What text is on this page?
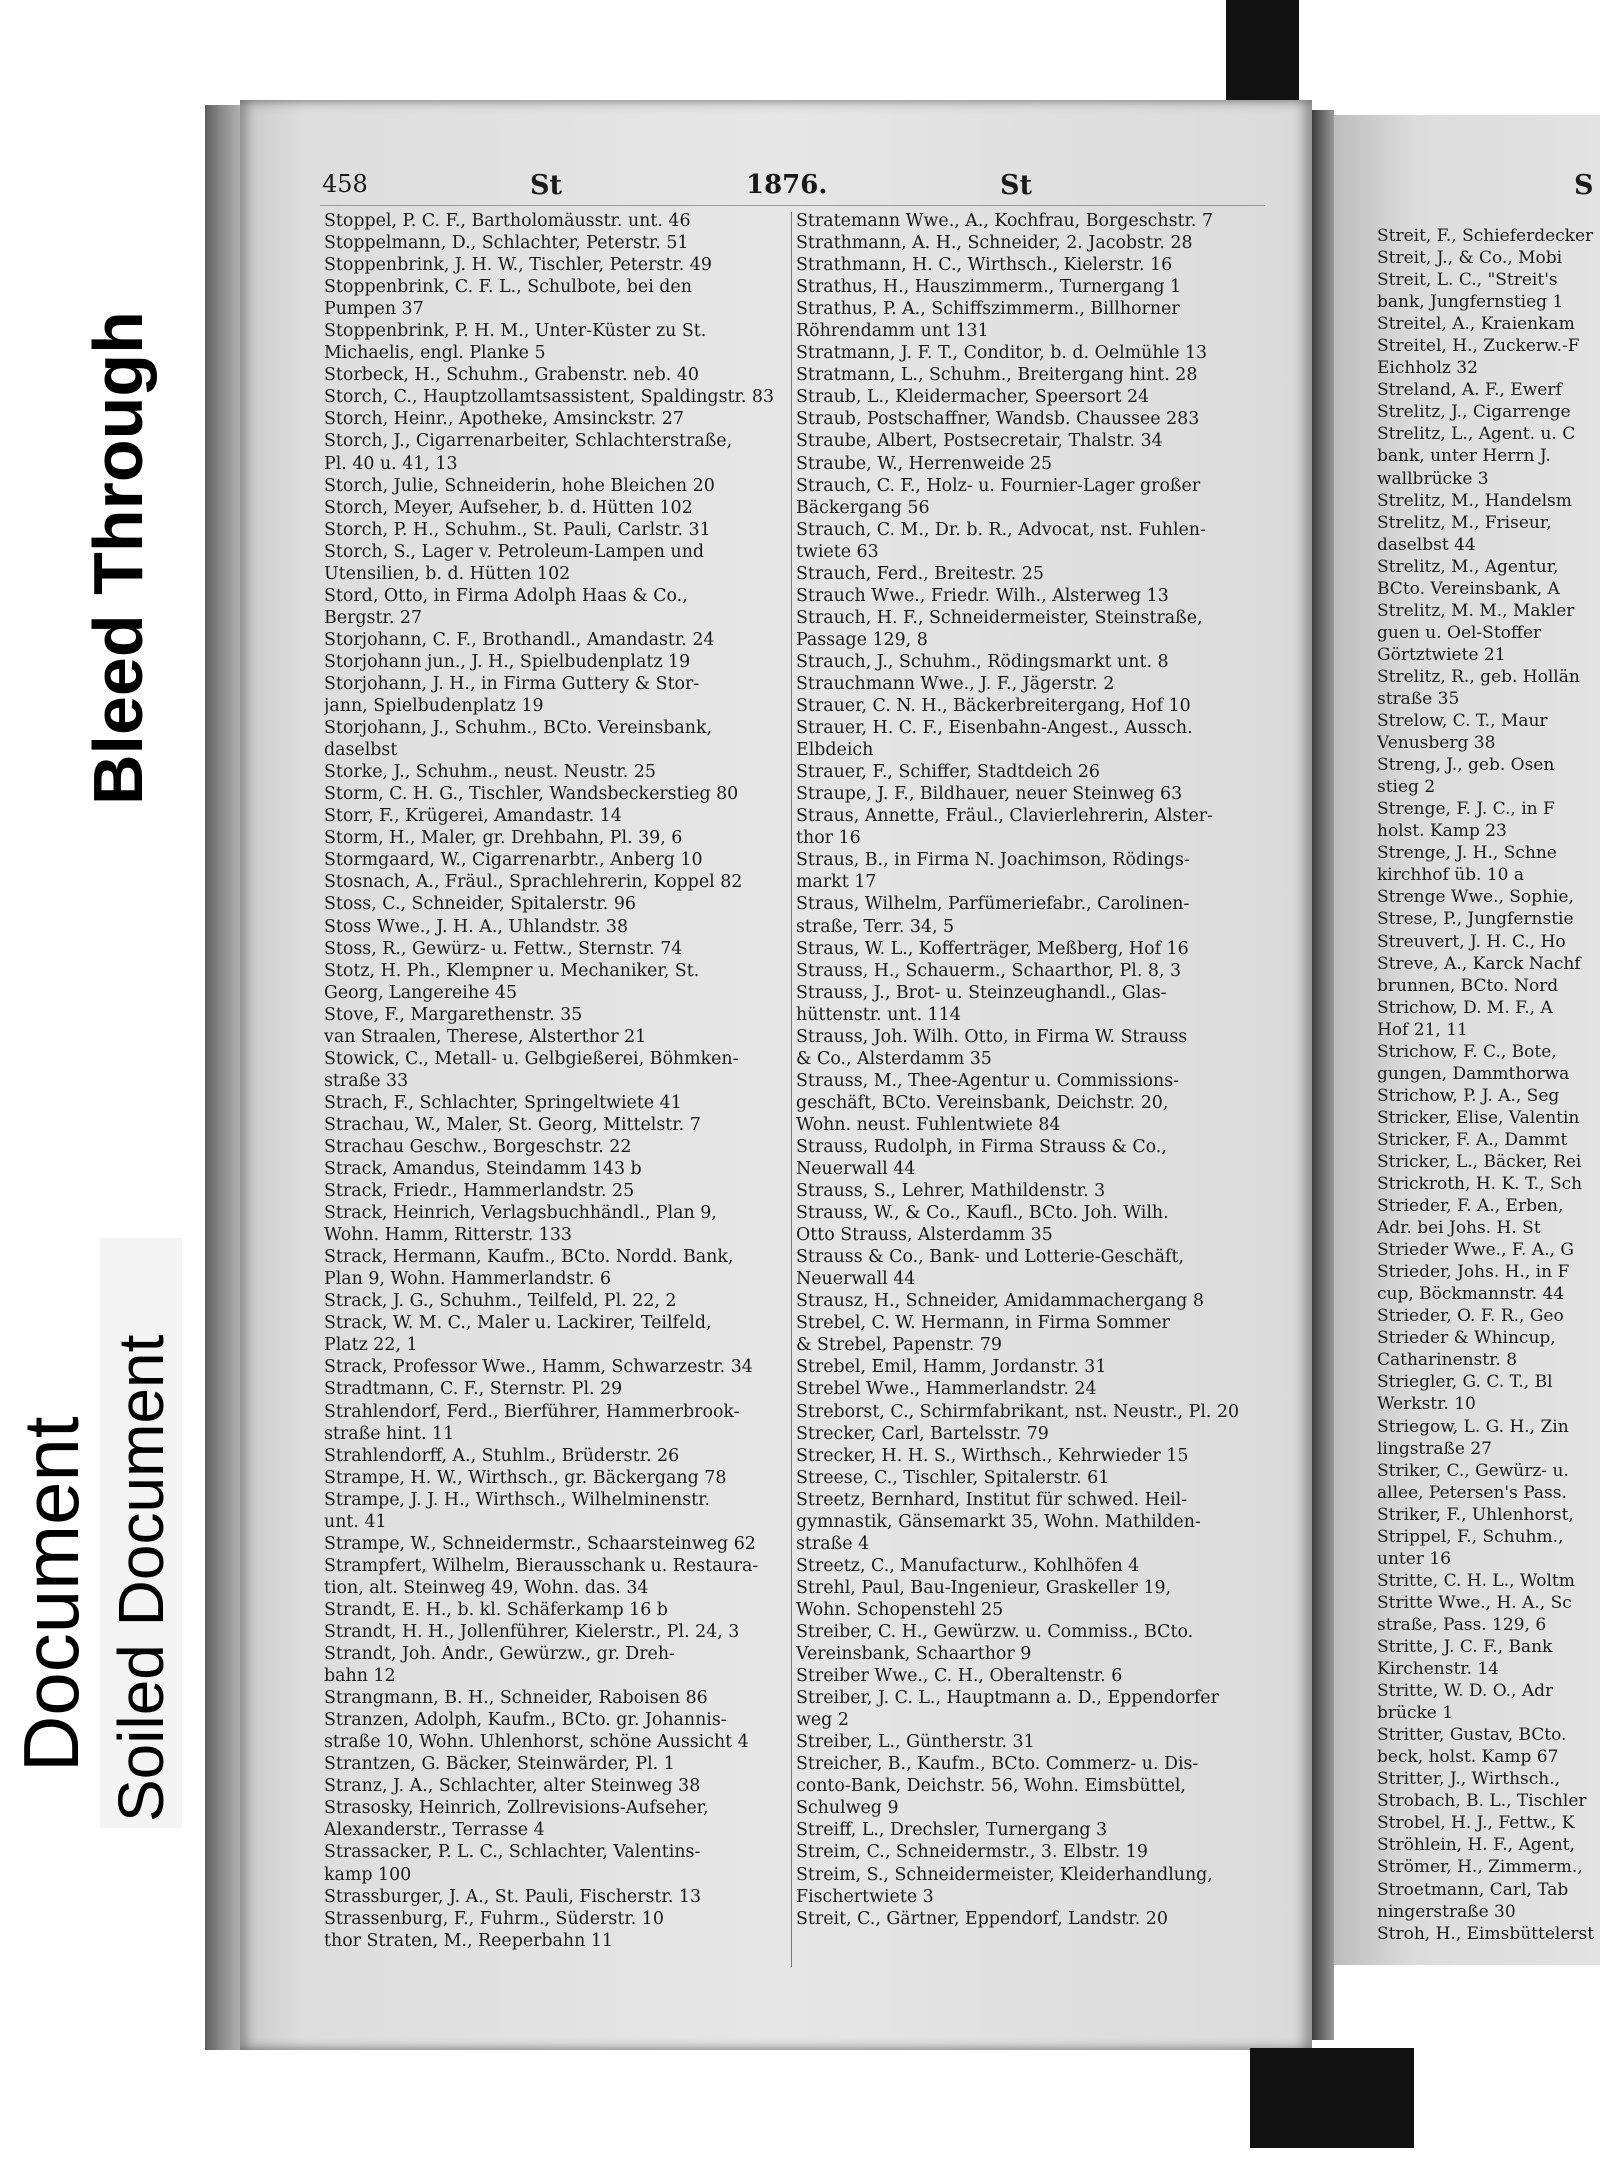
458	St	1876.	St	S
Stoppel, P. C. F., Bartholomäusstr. unt. 46
Stoppelmann, D., Schlachter, Peterstr. 51
Stoppenbrink, J. H. W., Tischler, Peterstr. 49
Stoppenbrink, C. F. L., Schulbote, bei den
Pumpen 37
Stoppenbrink, P. H. M., Unter-Küster zu St.
Michaelis, engl. Planke 5
Storbeck, H., Schuhm., Grabenstr. neb. 40
Storch, C., Hauptzollamtsassistent, Spaldingstr. 83
Storch, Heinr., Apotheke, Amsinckstr. 27
Storch, J., Cigarrenarbeiter, Schlachterstraße,
Pl. 40 u. 41, 13
Storch, Julie, Schneiderin, hohe Bleichen 20
Storch, Meyer, Aufseher, b. d. Hütten 102
Storch, P. H., Schuhm., St. Pauli, Carlstr. 31
Storch, S., Lager v. Petroleum-Lampen und
Utensilien, b. d. Hütten 102
Stord, Otto, in Firma Adolph Haas & Co.,
Bergstr. 27
Storjohann, C. F., Brothandl., Amandastr. 24
Storjohann jun., J. H., Spielbudenplatz 19
Storjohann, J. H., in Firma Guttery & Stor-
jann, Spielbudenplatz 19
Storjohann, J., Schuhm., BCto. Vereinsbank,
daselbst
Storke, J., Schuhm., neust. Neustr. 25
Storm, C. H. G., Tischler, Wandsbeckerstieg 80
Storr, F., Krügerei, Amandastr. 14
Storm, H., Maler, gr. Drehbahn, Pl. 39, 6
Stormgaard, W., Cigarrenarbtr., Anberg 10
Stosnach, A., Fräul., Sprachlehrerin, Koppel 82
Stoss, C., Schneider, Spitalerstr. 96
Stoss Wwe., J. H. A., Uhlandstr. 38
Stoss, R., Gewürz- u. Fettw., Sternstr. 74
Stotz, H. Ph., Klempner u. Mechaniker, St.
Georg, Langereihe 45
Stove, F., Margarethenstr. 35
van Straalen, Therese, Alsterthor 21
Stowick, C., Metall- u. Gelbgießerei, Böhmken-
straße 33
Strach, F., Schlachter, Springeltwiete 41
Strachau, W., Maler, St. Georg, Mittelstr. 7
Strachau Geschw., Borgeschstr. 22
Strack, Amandus, Steindamm 143 b
Strack, Friedr., Hammerlandstr. 25
Strack, Heinrich, Verlagsbuchhändl., Plan 9,
Wohn. Hamm, Ritterstr. 133
Strack, Hermann, Kaufm., BCto. Nordd. Bank,
Plan 9, Wohn. Hammerlandstr. 6
Strack, J. G., Schuhm., Teilfeld, Pl. 22, 2
Strack, W. M. C., Maler u. Lackirer, Teilfeld,
Platz 22, 1
Strack, Professor Wwe., Hamm, Schwarzestr. 34
Stradtmann, C. F., Sternstr. Pl. 29
Strahlendorf, Ferd., Bierführer, Hammerbrook-
straße hint. 11
Strahlendorff, A., Stuhlm., Brüderstr. 26
Strampe, H. W., Wirthsch., gr. Bäckergang 78
Strampe, J. J. H., Wirthsch., Wilhelminenstr.
unt. 41
Strampe, W., Schneidermstr., Schaarsteinweg 62
Strampfert, Wilhelm, Bierausschank u. Restaura-
tion, alt. Steinweg 49, Wohn. das. 34
Strandt, E. H., b. kl. Schäferkamp 16 b
Strandt, H. H., Jollenführer, Kielerstr., Pl. 24, 3
Strandt, Joh. Andr., Gewürzw., gr. Dreh-
bahn 12
Strangmann, B. H., Schneider, Raboisen 86
Stranzen, Adolph, Kaufm., BCto. gr. Johannis-
straße 10, Wohn. Uhlenhorst, schöne Aussicht 4
Strantzen, G. Bäcker, Steinwärder, Pl. 1
Stranz, J. A., Schlachter, alter Steinweg 38
Strasosky, Heinrich, Zollrevisions-Aufseher,
Alexanderstr., Terrasse 4
Strassacker, P. L. C., Schlachter, Valentins-
kamp 100
Strassburger, J. A., St. Pauli, Fischerstr. 13
Strassenburg, F., Fuhrm., Süderstr. 10
thor Straten, M., Reeperbahn 11
Stratemann Wwe., A., Kochfrau, Borgeschstr. 7
Strathmann, A. H., Schneider, 2. Jacobstr. 28
Strathmann, H. C., Wirthsch., Kielerstr. 16
Strathus, H., Hauszimmerm., Turnergang 1
Strathus, P. A., Schiffszimmerm., Billhorner
Röhrendamm unt 131
Stratmann, J. F. T., Conditor, b. d. Oelmühle 13
Stratmann, L., Schuhm., Breitergang hint. 28
Straub, L., Kleidermacher, Speersort 24
Straub, Postschaffner, Wandsb. Chaussee 283
Straube, Albert, Postsecretair, Thalstr. 34
Straube, W., Herrenweide 25
Strauch, C. F., Holz- u. Fournier-Lager großer
Bäckergang 56
Strauch, C. M., Dr. b. R., Advocat, nst. Fuhlen-
twiete 63
Strauch, Ferd., Breitestr. 25
Strauch Wwe., Friedr. Wilh., Alsterweg 13
Strauch, H. F., Schneidermeister, Steinstraße,
Passage 129, 8
Strauch, J., Schuhm., Rödingsmarkt unt. 8
Strauchmann Wwe., J. F., Jägerstr. 2
Strauer, C. N. H., Bäckerbreitergang, Hof 10
Strauer, H. C. F., Eisenbahn-Angest., Aussch.
Elbdeich
Strauer, F., Schiffer, Stadtdeich 26
Straupe, J. F., Bildhauer, neuer Steinweg 63
Straus, Annette, Fräul., Clavierlehrerin, Alster-
thor 16
Straus, B., in Firma N. Joachimson, Rödings-
markt 17
Straus, Wilhelm, Parfümeriefabr., Carolinen-
straße, Terr. 34, 5
Straus, W. L., Kofferträger, Meßberg, Hof 16
Strauss, H., Schauerm., Schaarthor, Pl. 8, 3
Strauss, J., Brot- u. Steinzeughandl., Glas-
hüttenstr. unt. 114
Strauss, Joh. Wilh. Otto, in Firma W. Strauss
& Co., Alsterdamm 35
Strauss, M., Thee-Agentur u. Commissions-
geschäft, BCto. Vereinsbank, Deichstr. 20,
Wohn. neust. Fuhlentwiete 84
Strauss, Rudolph, in Firma Strauss & Co.,
Neuerwall 44
Strauss, S., Lehrer, Mathildenstr. 3
Strauss, W., & Co., Kaufl., BCto. Joh. Wilh.
Otto Strauss, Alsterdamm 35
Strauss & Co., Bank- und Lotterie-Geschäft,
Neuerwall 44
Strausz, H., Schneider, Amidammachergang 8
Strebel, C. W. Hermann, in Firma Sommer
& Strebel, Papenstr. 79
Strebel, Emil, Hamm, Jordanstr. 31
Strebel Wwe., Hammerlandstr. 24
Streborst, C., Schirmfabrikant, nst. Neustr., Pl. 20
Strecker, Carl, Bartelsstr. 79
Strecker, H. H. S., Wirthsch., Kehrwieder 15
Streese, C., Tischler, Spitalerstr. 61
Streetz, Bernhard, Institut für schwed. Heil-
gymnastik, Gänsemarkt 35, Wohn. Mathilden-
straße 4
Streetz, C., Manufacturw., Kohlhöfen 4
Strehl, Paul, Bau-Ingenieur, Graskeller 19,
Wohn. Schopenstehl 25
Streiber, C. H., Gewürzw. u. Commiss., BCto.
Vereinsbank, Schaarthor 9
Streiber Wwe., C. H., Oberaltenstr. 6
Streiber, J. C. L., Hauptmann a. D., Eppendorfer
weg 2
Streiber, L., Güntherstr. 31
Streicher, B., Kaufm., BCto. Commerz- u. Dis-
conto-Bank, Deichstr. 56, Wohn. Eimsbüttel,
Schulweg 9
Streiff, L., Drechsler, Turnergang 3
Streim, C., Schneidermstr., 3. Elbstr. 19
Streim, S., Schneidermeister, Kleiderhandlung,
Fischertwiete 3
Streit, C., Gärtner, Eppendorf, Landstr. 20
Streit, F., Schieferdecker
Streit, J., & Co., Mobi
Streit, L. C., "Streit's
bank, Jungfernstieg 1
Streitel, A., Kraienkam
Streitel, H., Zuckerw.-F
Eichholz 32
Streland, A. F., Ewerf
Strelitz, J., Cigarrenge
Strelitz, L., Agent. u. C
bank, unter Herrn J.
wallbrücke 3
Strelitz, M., Handelsm
Strelitz, M., Friseur,
daselbst 44
Strelitz, M., Agentur,
BCto. Vereinsbank, A
Strelitz, M. M., Makler
guen u. Oel-Stoffer
Görtztwiete 21
Strelitz, R., geb. Hollän
straße 35
Strelow, C. T., Maur
Venusberg 38
Streng, J., geb. Osen
stieg 2
Strenge, F. J. C., in F
holst. Kamp 23
Strenge, J. H., Schne
kirchhof üb. 10 a
Strenge Wwe., Sophie,
Strese, P., Jungfernstie
Streuvert, J. H. C., Ho
Streve, A., Karck Nachf
brunnen, BCto. Nord
Strichow, D. M. F., A
Hof 21, 11
Strichow, F. C., Bote,
gungen, Dammthorwa
Strichow, P. J. A., Seg
Stricker, Elise, Valentin
Stricker, F. A., Dammt
Stricker, L., Bäcker, Rei
Strickroth, H. K. T., Sch
Strieder, F. A., Erben,
Adr. bei Johs. H. St
Strieder Wwe., F. A., G
Strieder, Johs. H., in F
cup, Böckmannstr. 44
Strieder, O. F. R., Geo
Strieder & Whincup,
Catharinenstr. 8
Striegler, G. C. T., Bl
Werkstr. 10
Striegow, L. G. H., Zin
lingstraße 27
Striker, C., Gewürz- u.
allee, Petersen's Pass.
Striker, F., Uhlenhorst,
Strippel, F., Schuhm.,
unter 16
Stritte, C. H. L., Woltm
Stritte Wwe., H. A., Sc
straße, Pass. 129, 6
Stritte, J. C. F., Bank
Kirchenstr. 14
Stritte, W. D. O., Adr
brücke 1
Stritter, Gustav, BCto.
beck, holst. Kamp 67
Stritter, J., Wirthsch.,
Strobach, B. L., Tischler
Strobel, H. J., Fettw., K
Ströhlein, H. F., Agent,
Strömer, H., Zimmerm.,
Stroetmann, Carl, Tab
ningerstraße 30
Stroh, H., Eimsbüttelerst
Bleed Through
Document Soiled Document
